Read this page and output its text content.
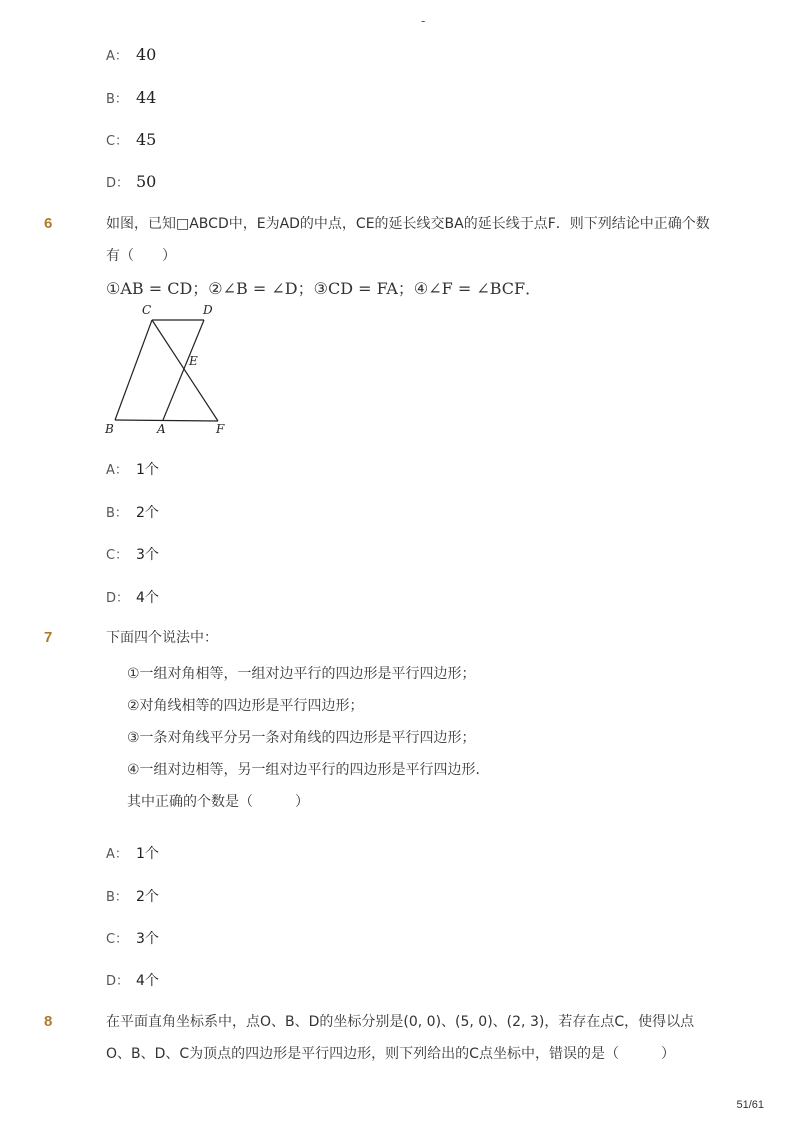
-
A： 40
B： 44
C： 45
D： 50
6	如图，已知□ABCD中，E为AD的中点，CE的延长线交BA的延长线于点F．则下列结论中正确个数
有（　　）
①AB = CD；②∠B = ∠D；③CD = FA；④∠F = ∠BCF．
C	D
E
B	A	F
A： 1个
B： 2个
C： 3个
D： 4个
7	下面四个说法中：
①一组对角相等，一组对边平行的四边形是平行四边形；
②对角线相等的四边形是平行四边形；
③一条对角线平分另一条对角线的四边形是平行四边形；
④一组对边相等，另一组对边平行的四边形是平行四边形．
其中正确的个数是（　　　）
A： 1个
B： 2个
C： 3个
D： 4个
8	在平面直角坐标系中，点O、B、D的坐标分别是(0, 0)、(5, 0)、(2, 3)，若存在点C，使得以点
O、B、D、C为顶点的四边形是平行四边形，则下列给出的C点坐标中，错误的是（　　　）
51/61
